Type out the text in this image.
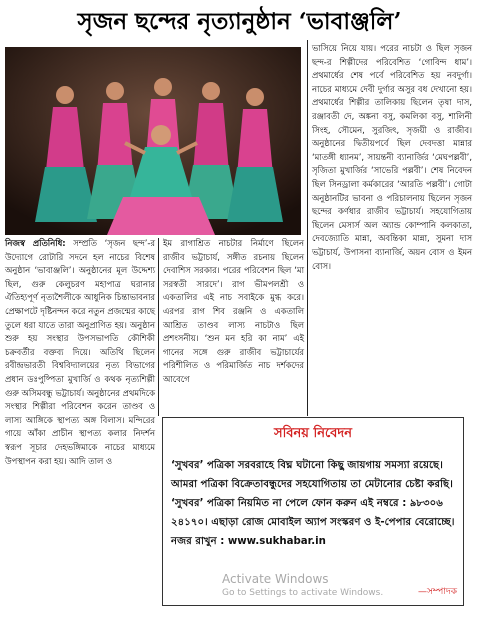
সৃজন ছন্দের নৃত্যানুষ্ঠান ‘ভাবাঞ্জলি’

নিজস্ব প্রতিনিধি: সম্প্রতি ‘সৃজন ছন্দ’-র উদ্যোগে রোটারি সদনে হল নাচের বিশেষ অনুষ্ঠান ‘ভাবাঞ্জলি’। অনুষ্ঠানের মূল উদ্দেশ্য ছিল, গুরু কেলুচরণ মহাপাত্র ঘরানার ঐতিহ্যপূর্ণ নৃত্যশৈলীকে আধুনিক চিন্তাভাবনার প্রেক্ষাপটে দৃষ্টিনন্দন করে নতুন প্রজন্মের কাছে তুলে ধরা যাতে তারা অনুপ্রাণিত হয়। অনুষ্ঠান শুরু হয় সংস্থার উপসভাপতি কৌশিকী চক্রবর্তীর বক্তব্য দিয়ে। অতিথি ছিলেন রবীন্দ্রভারতী বিশ্ববিদ্যালয়ের নৃত্য বিভাগের প্রধান ডঃপুষ্পিতা মুখার্জি ও কথক নৃত্যশিল্পী গুরু অসিমবন্ধু ভট্টাচার্য। অনুষ্ঠানের প্রথমদিকে সংস্থার শিল্পীরা পরিবেশন করেন তাণ্ডব ও লাস্য আঙ্গিকে স্থাপত্য অঙ্গ বিলাস। মন্দিরের গায়ে আঁকা প্রাচীন স্থাপত্য কলার নিদর্শন স্বরূপ সূচার দেহভঙ্গিমাকে নাচের মাধ্যমে উপস্থাপন করা হয়। আদি তাল ও

ইম রাগাশ্রিত নাচটার নির্মাণে ছিলেন রাজীব ভট্টাচার্য, সঙ্গীত রচনায় ছিলেন দেবাশিস সরকার। পরের পরিবেশন ছিল ‘মা সরস্বতী সারদে’। রাগ ভীমপলশ্রী ও একতালির এই নাচ সবাইকে মুগ্ধ করে। এরপর রাগ শিব রঞ্জনি ও একতালি আশ্রিত তাণ্ডব লাস্য নাচটাও ছিল প্রশংসনীয়। ‘শুন মন হরি কা নাম’ এই গানের সঙ্গে গুরু রাজীব ভট্টাচার্যের পরিশীলিত ও পরিমার্জিত নাচ দর্শকদের আবেগে

ভাসিয়ে নিয়ে যায়। পরের নাচটা ও ছিল সৃজন ছন্দ-র শিল্পীদের পরিবেশিত ‘গোবিন্দ ধাম’। প্রথমার্ধের শেষ পর্বে পরিবেশিত হয় নবদুর্গা। নাচের মাধ্যমে দেবী দুর্গার অসুর বধ দেখানো হয়। প্রথমার্ধের শিল্পীর তালিকায় ছিলেন তৃষা দাস, রঞ্জাবতী দে, অঙ্কনা বসু, কমলিকা বসু, শালিনী সিংহ, সৌমেন, সুরজিৎ, সৃজয়ী ও রাজীব। অনুষ্ঠানের দ্বিতীয়পর্বে ছিল দেবদত্তা মান্নার ‘মাতঙ্গী ধ্যানম’, সায়ন্তনী ব্যানার্জির ‘মেঘপল্লবী’, সৃজিতা মুখার্জির ‘সাভেরি পল্লবী’। শেষ নিবেদন ছিল সিনড্রালা কর্মকারের ‘আরতি পল্লবী’। গোটা অনুষ্ঠানটির ভাবনা ও পরিচালনায় ছিলেন সৃজন ছন্দের কর্ণধার রাজীব ভট্টাচার্য। সহযোগিতায় ছিলেন মেসার্স অল অ্যান্ড কোম্পানি কলকাতা, দেবজ্যোতি মান্না, অবন্তিকা মান্না, সুমনা দাস ভট্টাচার্য, উপাসনা ব্যানার্জি, অয়ন বোস ও ইমন বোস।

সবিনয় নিবেদন
‘সুখবর’ পত্রিকা সরবরাহে বিঘ্ন ঘটানো কিছু জায়গায় সমস্যা রয়েছে। আমরা পত্রিকা বিক্রেতাবন্ধুদের সহযোগিতায় তা মেটানোর চেষ্টা করছি। ‘সুখবর’ পত্রিকা নিয়মিত না পেলে ফোন করুন এই নম্বরে : ৯৮৩০৬ ২৪১৭০। এছাড়া রোজ মোবাইল অ্যাপ সংস্করণ ও ই-পেপার বেরোচ্ছে। নজর রাখুন : www.sukhabar.in
—সম্পাদক
Activate Windows
Go to Settings to activate Windows.
